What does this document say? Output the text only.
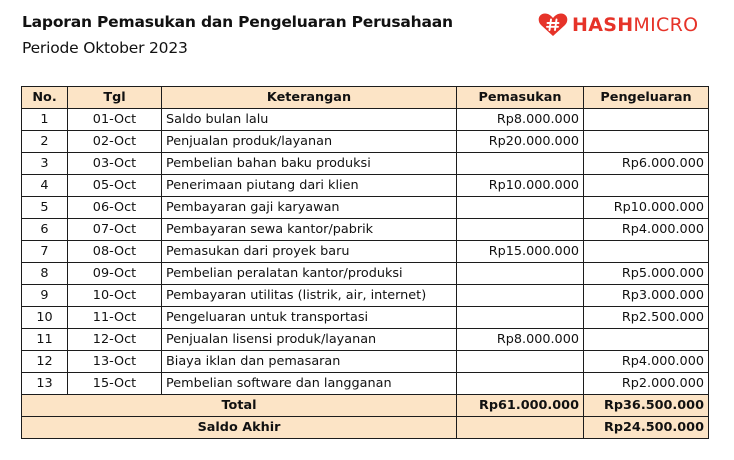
Laporan Pemasukan dan Pengeluaran Perusahaan
Periode Oktober 2023
HASHMICRO
No.	Tgl	Keterangan	Pemasukan	Pengeluaran
1	01-Oct	Saldo bulan lalu	Rp8.000.000	
2	02-Oct	Penjualan produk/layanan	Rp20.000.000	
3	03-Oct	Pembelian bahan baku produksi		Rp6.000.000
4	05-Oct	Penerimaan piutang dari klien	Rp10.000.000	
5	06-Oct	Pembayaran gaji karyawan		Rp10.000.000
6	07-Oct	Pembayaran sewa kantor/pabrik		Rp4.000.000
7	08-Oct	Pemasukan dari proyek baru	Rp15.000.000	
8	09-Oct	Pembelian peralatan kantor/produksi		Rp5.000.000
9	10-Oct	Pembayaran utilitas (listrik, air, internet)		Rp3.000.000
10	11-Oct	Pengeluaran untuk transportasi		Rp2.500.000
11	12-Oct	Penjualan lisensi produk/layanan	Rp8.000.000	
12	13-Oct	Biaya iklan dan pemasaran		Rp4.000.000
13	15-Oct	Pembelian software dan langganan		Rp2.000.000
Total			Rp61.000.000	Rp36.500.000
Saldo Akhir				Rp24.500.000
